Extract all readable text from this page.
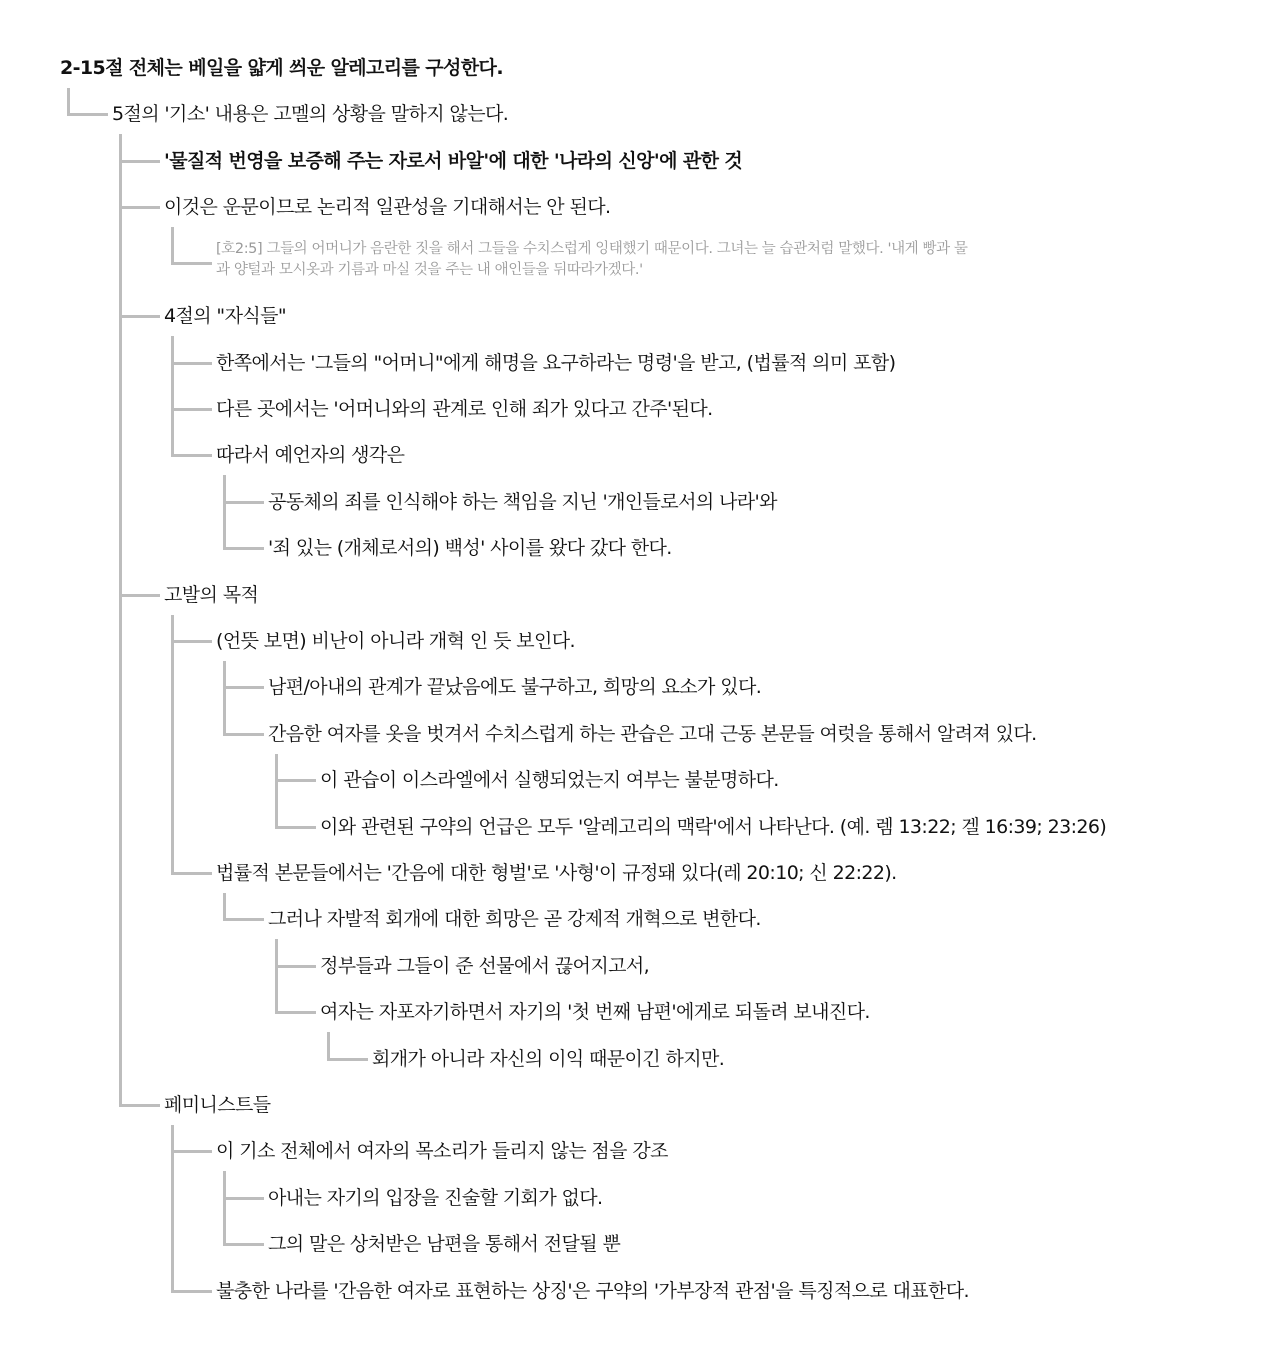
2-15절 전체는 베일을 얇게 씌운 알레고리를 구성한다.
5절의 '기소' 내용은 고멜의 상황을 말하지 않는다.
'물질적 번영을 보증해 주는 자로서 바알'에 대한 '나라의 신앙'에 관한 것
이것은 운문이므로 논리적 일관성을 기대해서는 안 된다.
[호2:5] 그들의 어머니가 음란한 짓을 해서 그들을 수치스럽게 잉태했기 때문이다. 그녀는 늘 습관처럼 말했다. '내게 빵과 물과 양털과 모시옷과 기름과 마실 것을 주는 내 애인들을 뒤따라가겠다.'
4절의 "자식들"
한쪽에서는 '그들의 "어머니"에게 해명을 요구하라는 명령'을 받고, (법률적 의미 포함)
다른 곳에서는 '어머니와의 관계로 인해 죄가 있다고 간주'된다.
따라서 예언자의 생각은
공동체의 죄를 인식해야 하는 책임을 지닌 '개인들로서의 나라'와
'죄 있는 (개체로서의) 백성' 사이를 왔다 갔다 한다.
고발의 목적
(언뜻 보면) 비난이 아니라 개혁 인 듯 보인다.
남편/아내의 관계가 끝났음에도 불구하고, 희망의 요소가 있다.
간음한 여자를 옷을 벗겨서 수치스럽게 하는 관습은 고대 근동 본문들 여럿을 통해서 알려져 있다.
이 관습이 이스라엘에서 실행되었는지 여부는 불분명하다.
이와 관련된 구약의 언급은 모두 '알레고리의 맥락'에서 나타난다. (예. 렘 13:22; 겔 16:39; 23:26)
법률적 본문들에서는 '간음에 대한 형벌'로 '사형'이 규정돼 있다(레 20:10; 신 22:22).
그러나 자발적 회개에 대한 희망은 곧 강제적 개혁으로 변한다.
정부들과 그들이 준 선물에서 끊어지고서,
여자는 자포자기하면서 자기의 '첫 번째 남편'에게로 되돌려 보내진다.
회개가 아니라 자신의 이익 때문이긴 하지만.
페미니스트들
이 기소 전체에서 여자의 목소리가 들리지 않는 점을 강조
아내는 자기의 입장을 진술할 기회가 없다.
그의 말은 상처받은 남편을 통해서 전달될 뿐
불충한 나라를 '간음한 여자로 표현하는 상징'은 구약의 '가부장적 관점'을 특징적으로 대표한다.
